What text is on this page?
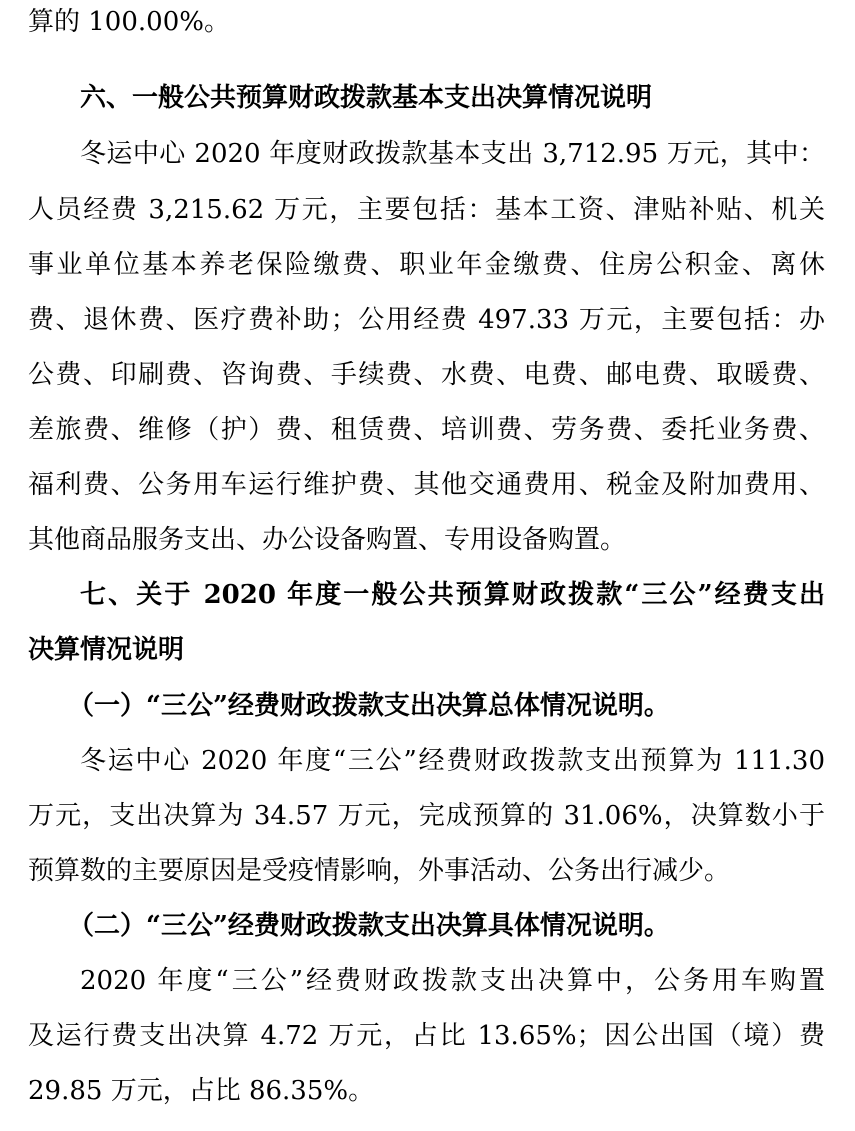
算的 100.00%。
六、一般公共预算财政拨款基本支出决算情况说明
冬运中心 2020 年度财政拨款基本支出 3,712.95 万元，其中：
人员经费 3,215.62 万元，主要包括：基本工资、津贴补贴、机关
事业单位基本养老保险缴费、职业年金缴费、住房公积金、离休
费、退休费、医疗费补助；公用经费 497.33 万元，主要包括：办
公费、印刷费、咨询费、手续费、水费、电费、邮电费、取暖费、
差旅费、维修（护）费、租赁费、培训费、劳务费、委托业务费、
福利费、公务用车运行维护费、其他交通费用、税金及附加费用、
其他商品服务支出、办公设备购置、专用设备购置。
七、关于 2020 年度一般公共预算财政拨款“三公”经费支出
决算情况说明
（一）“三公”经费财政拨款支出决算总体情况说明。
冬运中心 2020 年度“三公”经费财政拨款支出预算为 111.30
万元，支出决算为 34.57 万元，完成预算的 31.06%，决算数小于
预算数的主要原因是受疫情影响，外事活动、公务出行减少。
（二）“三公”经费财政拨款支出决算具体情况说明。
2020 年度“三公”经费财政拨款支出决算中，公务用车购置
及运行费支出决算 4.72 万元，占比 13.65%；因公出国（境）费
29.85 万元，占比 86.35%。
